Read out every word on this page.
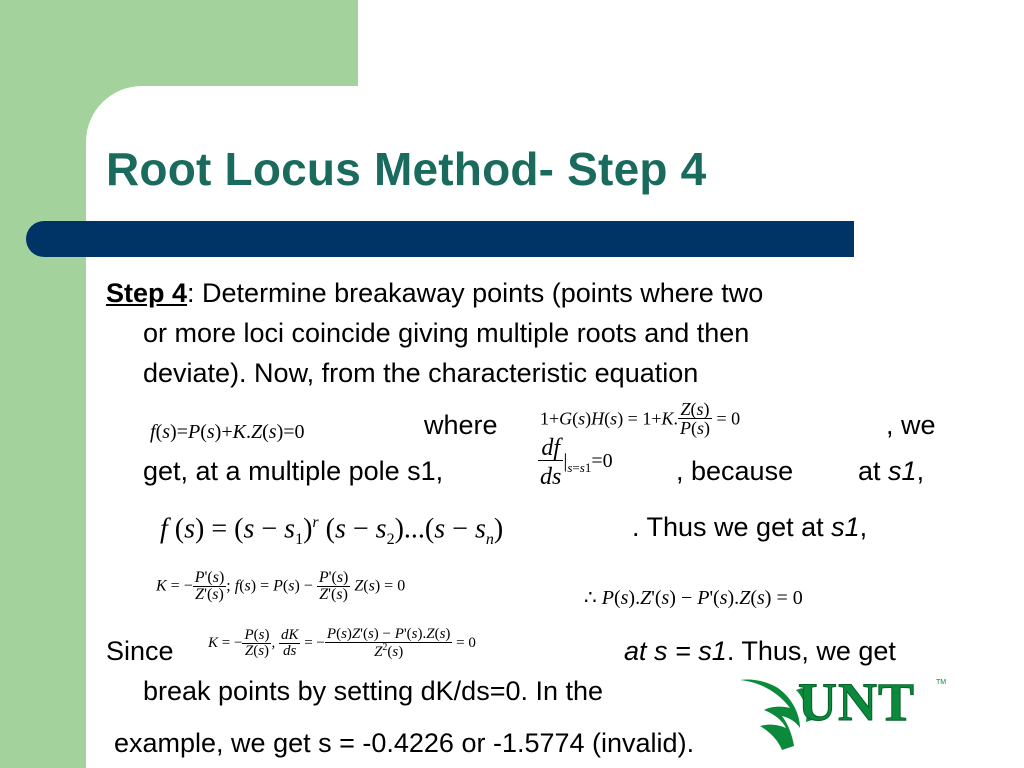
Root Locus Method- Step 4
Step 4: Determine breakaway points (points where two
or more loci coincide giving multiple roots and then
deviate). Now, from the characteristic equation
f(s)=P(s)+K.Z(s)=0	where 1+G(s)H(s) = 1+K. $\frac{Z(s)}{P(s)} = 0$	, we
get, at a multiple pole s1,	$\frac{df}{ds} |_{s=s1}=0$ , because at s1,
f $(s) = (s - s_1)^r$ $(s - s_2)...(s - s_n)$	. Thus we get at s1,
K = − $\frac{P'(s)}{Z'(s)}$ ; $f(s) = P(s) - \frac{P'(s)}{Z'(s)} Z(s) = 0$
∴ P(s).Z'(s) − P'(s).Z(s) = 0
Since K = − $\frac{P(s)}{Z(s)}$ , $\frac{dK}{ds}$ = − $\frac{P(s)Z'(s) - P'(s).Z(s)}{Z^2(s)} = 0$	at s = s1. Thus, we get
break points by setting dK/ds=0. In the
example, we get s = -0.4226 or -1.5774 (invalid).
UNT	TM
